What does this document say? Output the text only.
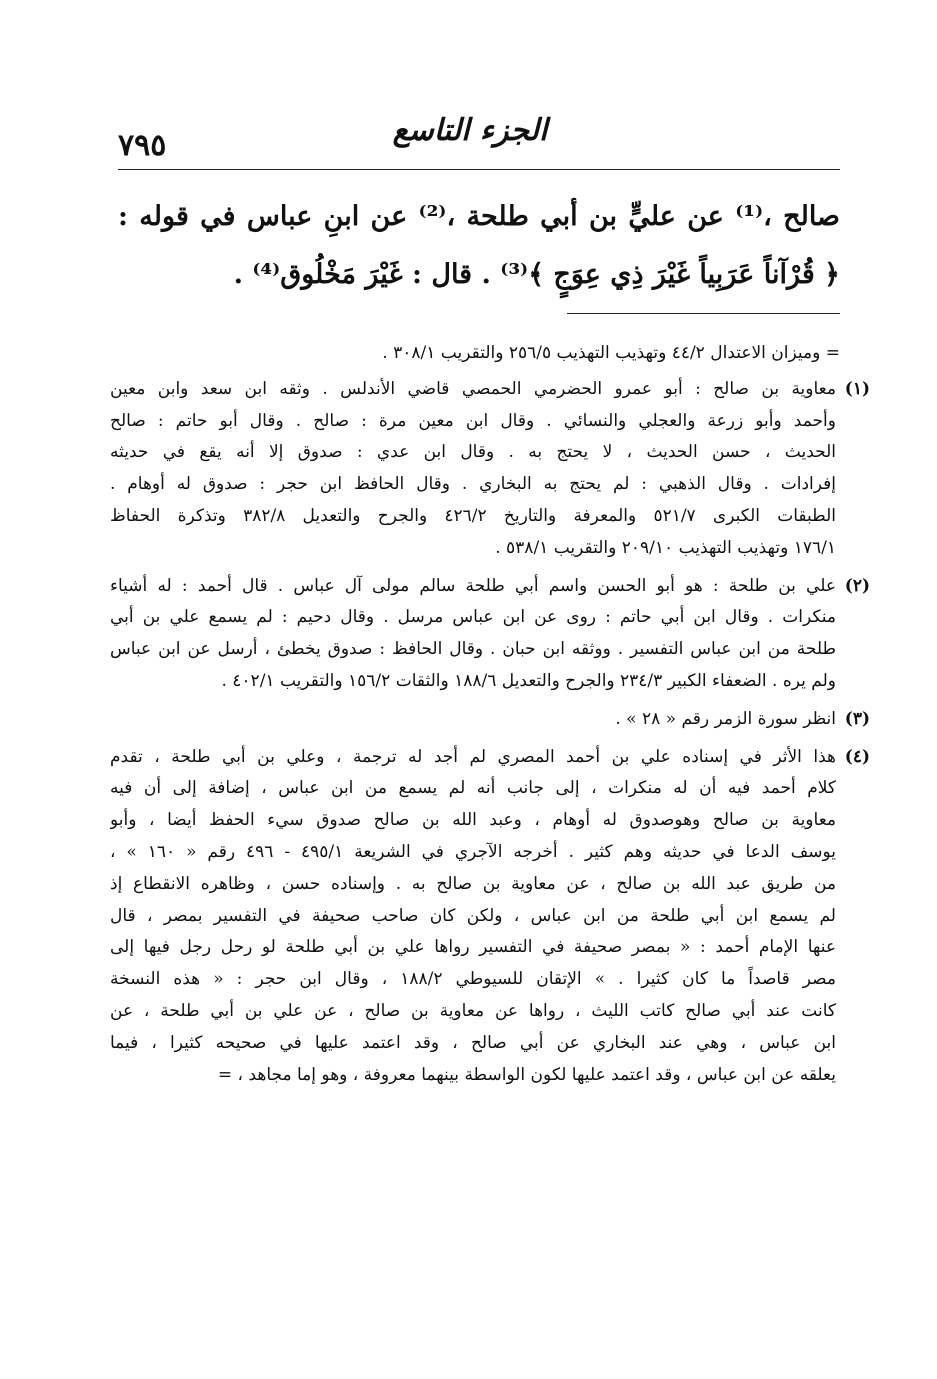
٧٩٥	الجزء التاسع
صالح ،⁽¹⁾ عن عليٍّ بن أبي طلحة ،⁽²⁾ عن ابنِ عباس في قوله :
﴿ قُرْآناً عَرَبِياً غَيْرَ ذِي عِوَجٍ ﴾⁽³⁾ . قال : غَيْرَ مَخْلُوق⁽⁴⁾ .
= وميزان الاعتدال ٤٤/٢ وتهذيب التهذيب ٢٥٦/٥ والتقريب ٣٠٨/١ .
(١)
معاوية بن صالح : أبو عمرو الحضرمي الحمصي قاضي الأندلس . وثقه ابن سعد وابن معين
وأحمد وأبو زرعة والعجلي والنسائي . وقال ابن معين مرة : صالح . وقال أبو حاتم : صالح
الحديث ، حسن الحديث ، لا يحتج به . وقال ابن عدي : صدوق إلا أنه يقع في حديثه
إفرادات . وقال الذهبي : لم يحتج به البخاري . وقال الحافظ ابن حجر : صدوق له أوهام .
الطبقات الكبرى ٥٢١/٧ والمعرفة والتاريخ ٤٢٦/٢ والجرح والتعديل ٣٨٢/٨ وتذكرة الحفاظ
١٧٦/١ وتهذيب التهذيب ٢٠٩/١٠ والتقريب ٥٣٨/١ .
(٢)
علي بن طلحة : هو أبو الحسن واسم أبي طلحة سالم مولى آل عباس . قال أحمد : له أشياء
منكرات . وقال ابن أبي حاتم : روى عن ابن عباس مرسل . وقال دحيم : لم يسمع علي بن أبي
طلحة من ابن عباس التفسير . ووثقه ابن حبان . وقال الحافظ : صدوق يخطئ ، أرسل عن ابن عباس
ولم يره . الضعفاء الكبير ٢٣٤/٣ والجرح والتعديل ١٨٨/٦ والثقات ١٥٦/٢ والتقريب ٤٠٢/١ .
(٣)
انظر سورة الزمر رقم « ٢٨ » .
(٤)
هذا الأثر في إسناده علي بن أحمد المصري لم أجد له ترجمة ، وعلي بن أبي طلحة ، تقدم
كلام أحمد فيه أن له منكرات ، إلى جانب أنه لم يسمع من ابن عباس ، إضافة إلى أن فيه
معاوية بن صالح وهوصدوق له أوهام ، وعبد الله بن صالح صدوق سيء الحفظ أيضا ، وأبو
يوسف الدعا في حديثه وهم كثير . أخرجه الآجري في الشريعة ٤٩٥/١ - ٤٩٦ رقم « ١٦٠ » ،
من طريق عبد الله بن صالح ، عن معاوية بن صالح به . وإسناده حسن ، وظاهره الانقطاع إذ
لم يسمع ابن أبي طلحة من ابن عباس ، ولكن كان صاحب صحيفة في التفسير بمصر ، قال
عنها الإمام أحمد : « بمصر صحيفة في التفسير رواها علي بن أبي طلحة لو رحل رجل فيها إلى
مصر قاصداً ما كان كثيرا . » الإتقان للسيوطي ١٨٨/٢ ، وقال ابن حجر : « هذه النسخة
كانت عند أبي صالح كاتب الليث ، رواها عن معاوية بن صالح ، عن علي بن أبي طلحة ، عن
ابن عباس ، وهي عند البخاري عن أبي صالح ، وقد اعتمد عليها في صحيحه كثيرا ، فيما
يعلقه عن ابن عباس ، وقد اعتمد عليها لكون الواسطة بينهما معروفة ، وهو إما مجاهد ، =
